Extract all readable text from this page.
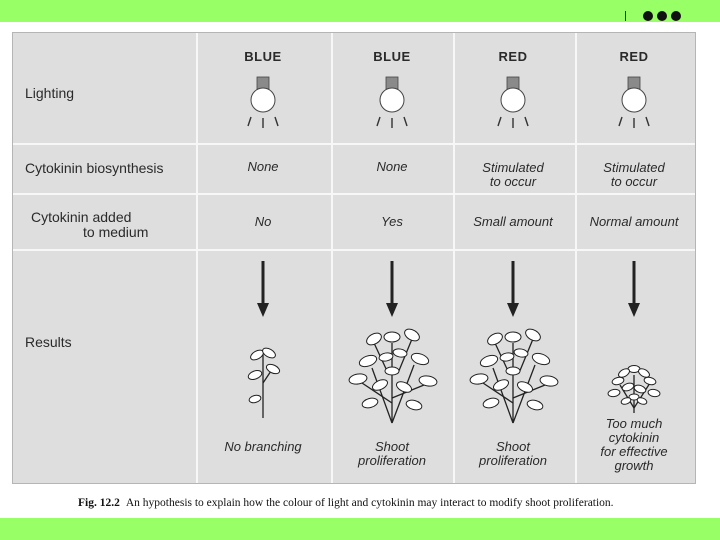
Lighting
Cytokinin biosynthesis
Cytokinin added
to medium
Results
BLUE
None
No
No branching
BLUE
None
Yes
Shoot
proliferation
RED
Stimulated
to occur
Small amount
Shoot
proliferation
RED
Stimulated
to occur
Normal amount
Too much
cytokinin
for effective
growth
Fig. 12.2 An hypothesis to explain how the colour of light and cytokinin may interact to modify shoot proliferation.
